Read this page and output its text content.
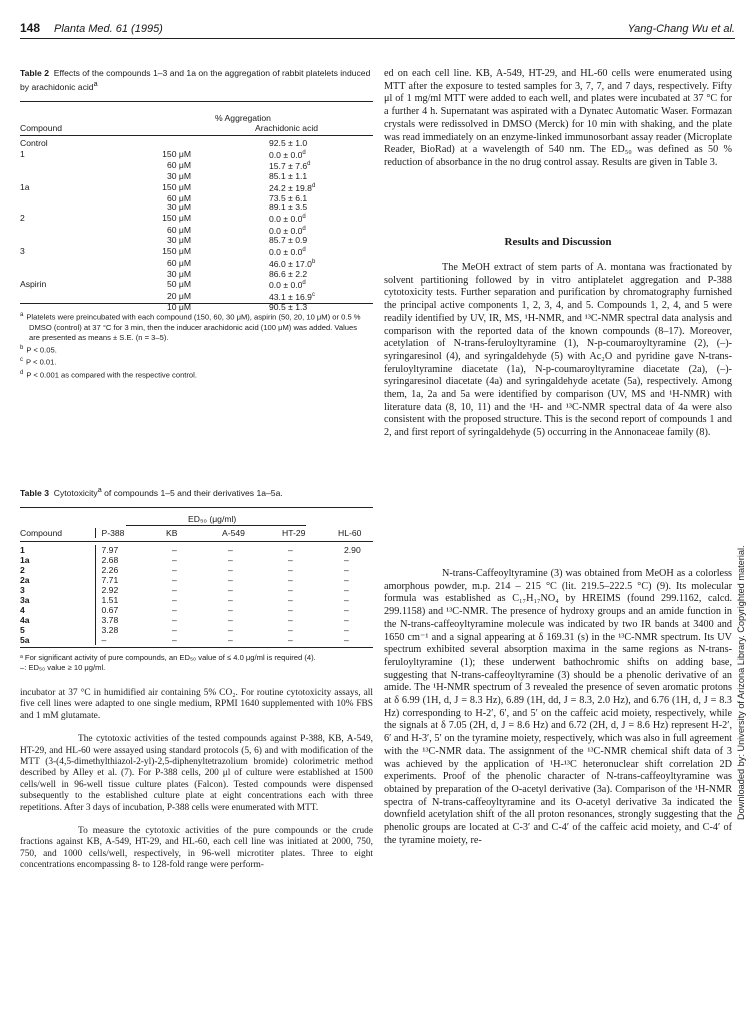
148 Planta Med. 61 (1995)	Yang-Chang Wu et al.
Table 2 Effects of the compounds 1–3 and 1a on the aggregation of rabbit platelets induced by arachidonic acid$^a$
% Aggregation
Compound	Arachidonic acid
Control		92.5 ± 1.0
1	150 μM	0.0 ± 0.0$^d$
	60 μM	15.7 ± 7.6$^d$
	30 μM	85.1 ± 1.1
1a	150 μM	24.2 ± 19.8$^d$
	60 μM	73.5 ± 6.1
	30 μM	89.1 ± 3.5
2	150 μM	0.0 ± 0.0$^d$
	60 μM	0.0 ± 0.0$^d$
	30 μM	85.7 ± 0.9
3	150 μM	0.0 ± 0.0$^d$
	60 μM	46.0 ± 17.0$^b$
	30 μM	86.6 ± 2.2
Aspirin	50 μM	0.0 ± 0.0$^d$
	20 μM	43.1 ± 16.9$^c$
	10 μM	90.5 ± 1.3
$^a$ Platelets were preincubated with each compound (150, 60, 30 μM), aspirin (50, 20, 10 μM) or 0.5 % DMSO (control) at 37 °C for 3 min, then the inducer arachidonic acid (100 μM) was added. Values are presented as means ± S.E. (n = 3–5).
$^b$ P < 0.05.
$^c$ P < 0.01.
$^d$ P < 0.001 as compared with the respective control.
Table 3 Cytotoxicity$^a$ of compounds 1–5 and their derivatives 1a–5a.
ED₅₀ (μg/ml)
Compound	P-388	KB	A-549	HT-29	HL-60
1	7.97	–	–	–	2.90
1a	2.68	–	–	–	–
2	2.26	–	–	–	–
2a	7.71	–	–	–	–
3	2.92	–	–	–	–
3a	1.51	–	–	–	–
4	0.67	–	–	–	–
4a	3.78	–	–	–	–
5	3.28	–	–	–	–
5a	–	–	–	–	–
ᵃ For significant activity of pure compounds, an ED₅₀ value of ≤ 4.0 μg/ml is required (4).
–: ED₅₀ value ≥ 10 μg/ml.

incubator at 37 °C in humidified air containing 5% CO₂. For routine cytotoxicity assays, all five cell lines were adapted to one single medium, RPMI 1640 supplemented with 10% FBS and 1 mM glutamate.

The cytotoxic activities of the tested compounds against P-388, KB, A-549, HT-29, and HL-60 were assayed using standard protocols (5, 6) and with modification of the MTT (3-(4,5-dimethylthiazol-2-yl)-2,5-diphenyltetrazolium bromide) colorimetric method described by Alley et al. (7). For P-388 cells, 200 μl of culture were established at 1500 cells/well in 96-well tissue culture plates (Falcon). Tested compounds were dispensed subsequently to the established culture plate at eight concentrations each with three repetitions. After 3 days of incubation, P-388 cells were enumerated with MTT.

To measure the cytotoxic activities of the pure compounds or the crude fractions against KB, A-549, HT-29, and HL-60, each cell line was initiated at 2000, 750, 750, and 1000 cells/well, respectively, in 96-well microtiter plates. Three to eight concentrations encompassing 8- to 128-fold range were perform-

ed on each cell line. KB, A-549, HT-29, and HL-60 cells were enumerated using MTT after the exposure to tested samples for 3, 7, 7, and 7 days, respectively. Fifty μl of 1 mg/ml MTT were added to each well, and plates were incubated at 37 °C for a further 4 h. Supernatant was aspirated with a Dynatec Automatic Waser. Formazan crystals were redissolved in DMSO (Merck) for 10 min with shaking, and the plate was read immediately on an enzyme-linked immunosorbant assay reader (Microplate Reader, BioRad) at a wavelength of 540 nm. The ED₅₀ was defined as 50 % reduction of absorbance in the no drug control assay. Results are given in Table 3.

Results and Discussion

The MeOH extract of stem parts of A. montana was fractionated by solvent partitioning followed by in vitro antiplatelet aggregation and P-388 cytotoxicity tests. Further separation and purification by chromatography furnished the principal active components 1, 2, 3, 4, and 5. Compounds 1, 2, 4, and 5 were readily identified by UV, IR, MS, ¹H-NMR, and ¹³C-NMR spectral data analysis and comparison with the reported data of the known compounds (8–17). Moreover, acetylation of N-trans-feruloyltyramine (1), N-p-coumaroyltyramine (2), (–)-syringaresinol (4), and syringaldehyde (5) with Ac₂O and pyridine gave N-trans-feruloyltyramine diacetate (1a), N-p-coumaroyltyramine diacetate (2a), (–)-syringaresinol diacetate (4a) and syringaldehyde acetate (5a), respectively. Among them, 1a, 2a and 5a were identified by comparison (UV, MS and ¹H-NMR) with literature data (8, 10, 11) and the ¹H- and ¹³C-NMR spectral data of 4a were also consistent with the proposed structure. This is the second report of compounds 1 and 2, and first report of syringaldehyde (5) occurring in the Annonaceae family (8).

N-trans-Caffeoyltyramine (3) was obtained from MeOH as a colorless amorphous powder, m.p. 214 – 215 °C (lit. 219.5–222.5 °C) (9). Its molecular formula was established as C₁₇H₁₇NO₄ by HREIMS (found 299.1162, calcd. 299.1158) and ¹³C-NMR. The presence of hydroxy groups and an amide function in the N-trans-caffeoyltyramine molecule was indicated by two IR bands at 3400 and 1650 cm⁻¹ and a signal appearing at δ 169.31 (s) in the ¹³C-NMR spectrum. Its UV spectrum exhibited several absorption maxima in the same regions as N-trans-feruloyltyramine (1); these underwent bathochromic shifts on adding base, suggesting that N-trans-caffeoyltyramine (3) should be a phenolic derivative of an amide. The ¹H-NMR spectrum of 3 revealed the presence of seven aromatic protons at δ 6.99 (1H, d, J = 8.3 Hz), 6.89 (1H, dd, J = 8.3, 2.0 Hz), and 6.76 (1H, d, J = 8.3 Hz) corresponding to H-2′, 6′, and 5′ on the caffeic acid moiety, respectively, while the signals at δ 7.05 (2H, d, J = 8.6 Hz) and 6.72 (2H, d, J = 8.6 Hz) represent H-2′, 6′ and H-3′, 5′ on the tyramine moiety, respectively, which was also in full agreement with the ¹³C-NMR data. The assignment of the ¹³C-NMR chemical shift data of 3 was achieved by the application of ¹H-¹³C heteronuclear shift correlation 2D experiments. Proof of the phenolic character of N-trans-caffeoyltyramine was obtained by preparation of the O-acetyl derivative (3a). Comparison of the ¹H-NMR spectra of N-trans-caffeoyltyramine and its O-acetyl derivative 3a indicated the downfield acetylation shift of the all proton resonances, strongly suggesting that the phenolic groups are located at C-3′ and C-4′ of the caffeic acid moiety, and C-4′ of the tyramine moiety, re-

Downloaded by: University of Arizona Library. Copyrighted material.
